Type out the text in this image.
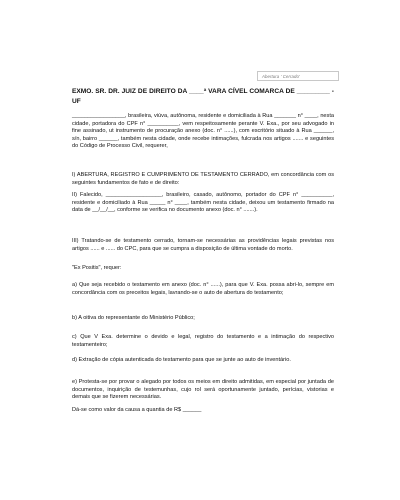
Abertura ' Cerrado'
EXMO. SR. DR. JUIZ DE DIREITO DA ____ª VARA CÍVEL COMARCA DE _________ - UF

_________________, brasileira, viúva, autônoma, residente e domiciliada à Rua _______ n° ____, nesta cidade, portadora do CPF n° __________, vem respeitosamente perante V. Exa., por seu advogado in fine assinado, ut instrumento de procuração anexo (doc. n° ......), com escritório situado à Rua ______, s/n, bairro ______, também nesta cidade, onde recebe intimações, fulcrada nos artigos ....... e seguintes do Código de Processo Civil, requerer,

I) ABERTURA, REGISTRO E CUMPRIMENTO DE TESTAMENTO CERRADO, em concordância com os seguintes fundamentos de fato e de direito:

II) Falecido, __________________, brasileiro, casado, autônomo, portador do CPF n° __________, residente e domiciliado à Rua _____ n° ____, também nesta cidade, deixou um testamento firmado na data de __/__/__, conforme se verifica no documento anexo (doc. n° .......).

III) Tratando-se de testamento cerrado, tornam-se necessárias as providências legais previstas nos artigos ...... e ...... do CPC, para que se cumpra a disposição de última vontade do morto.

"Ex Positis", requer:

a) Que seja recebido o testamento em anexo (doc. n° ......), para que V. Exa. possa abri-lo, sempre em concordância com os preceitos legais, lavrando-se o auto de abertura do testamento;

b) A oitiva do representante do Ministério Público;

c) Que V Exa. determine o devido e legal, registro do testamento e a intimação do respectivo testamenteiro;

d) Extração de cópia autenticada do testamento para que se junte ao auto de inventário.

e) Protesta-se por provar o alegado por todos os meios em direito admitidas, em especial por juntada de documentos, inquirição de testemunhas, cujo rol será oportunamente juntado, perícias, vistorias e demais que se fizerem necessárias.

Dá-se como valor da causa a quantia de R$ ______
